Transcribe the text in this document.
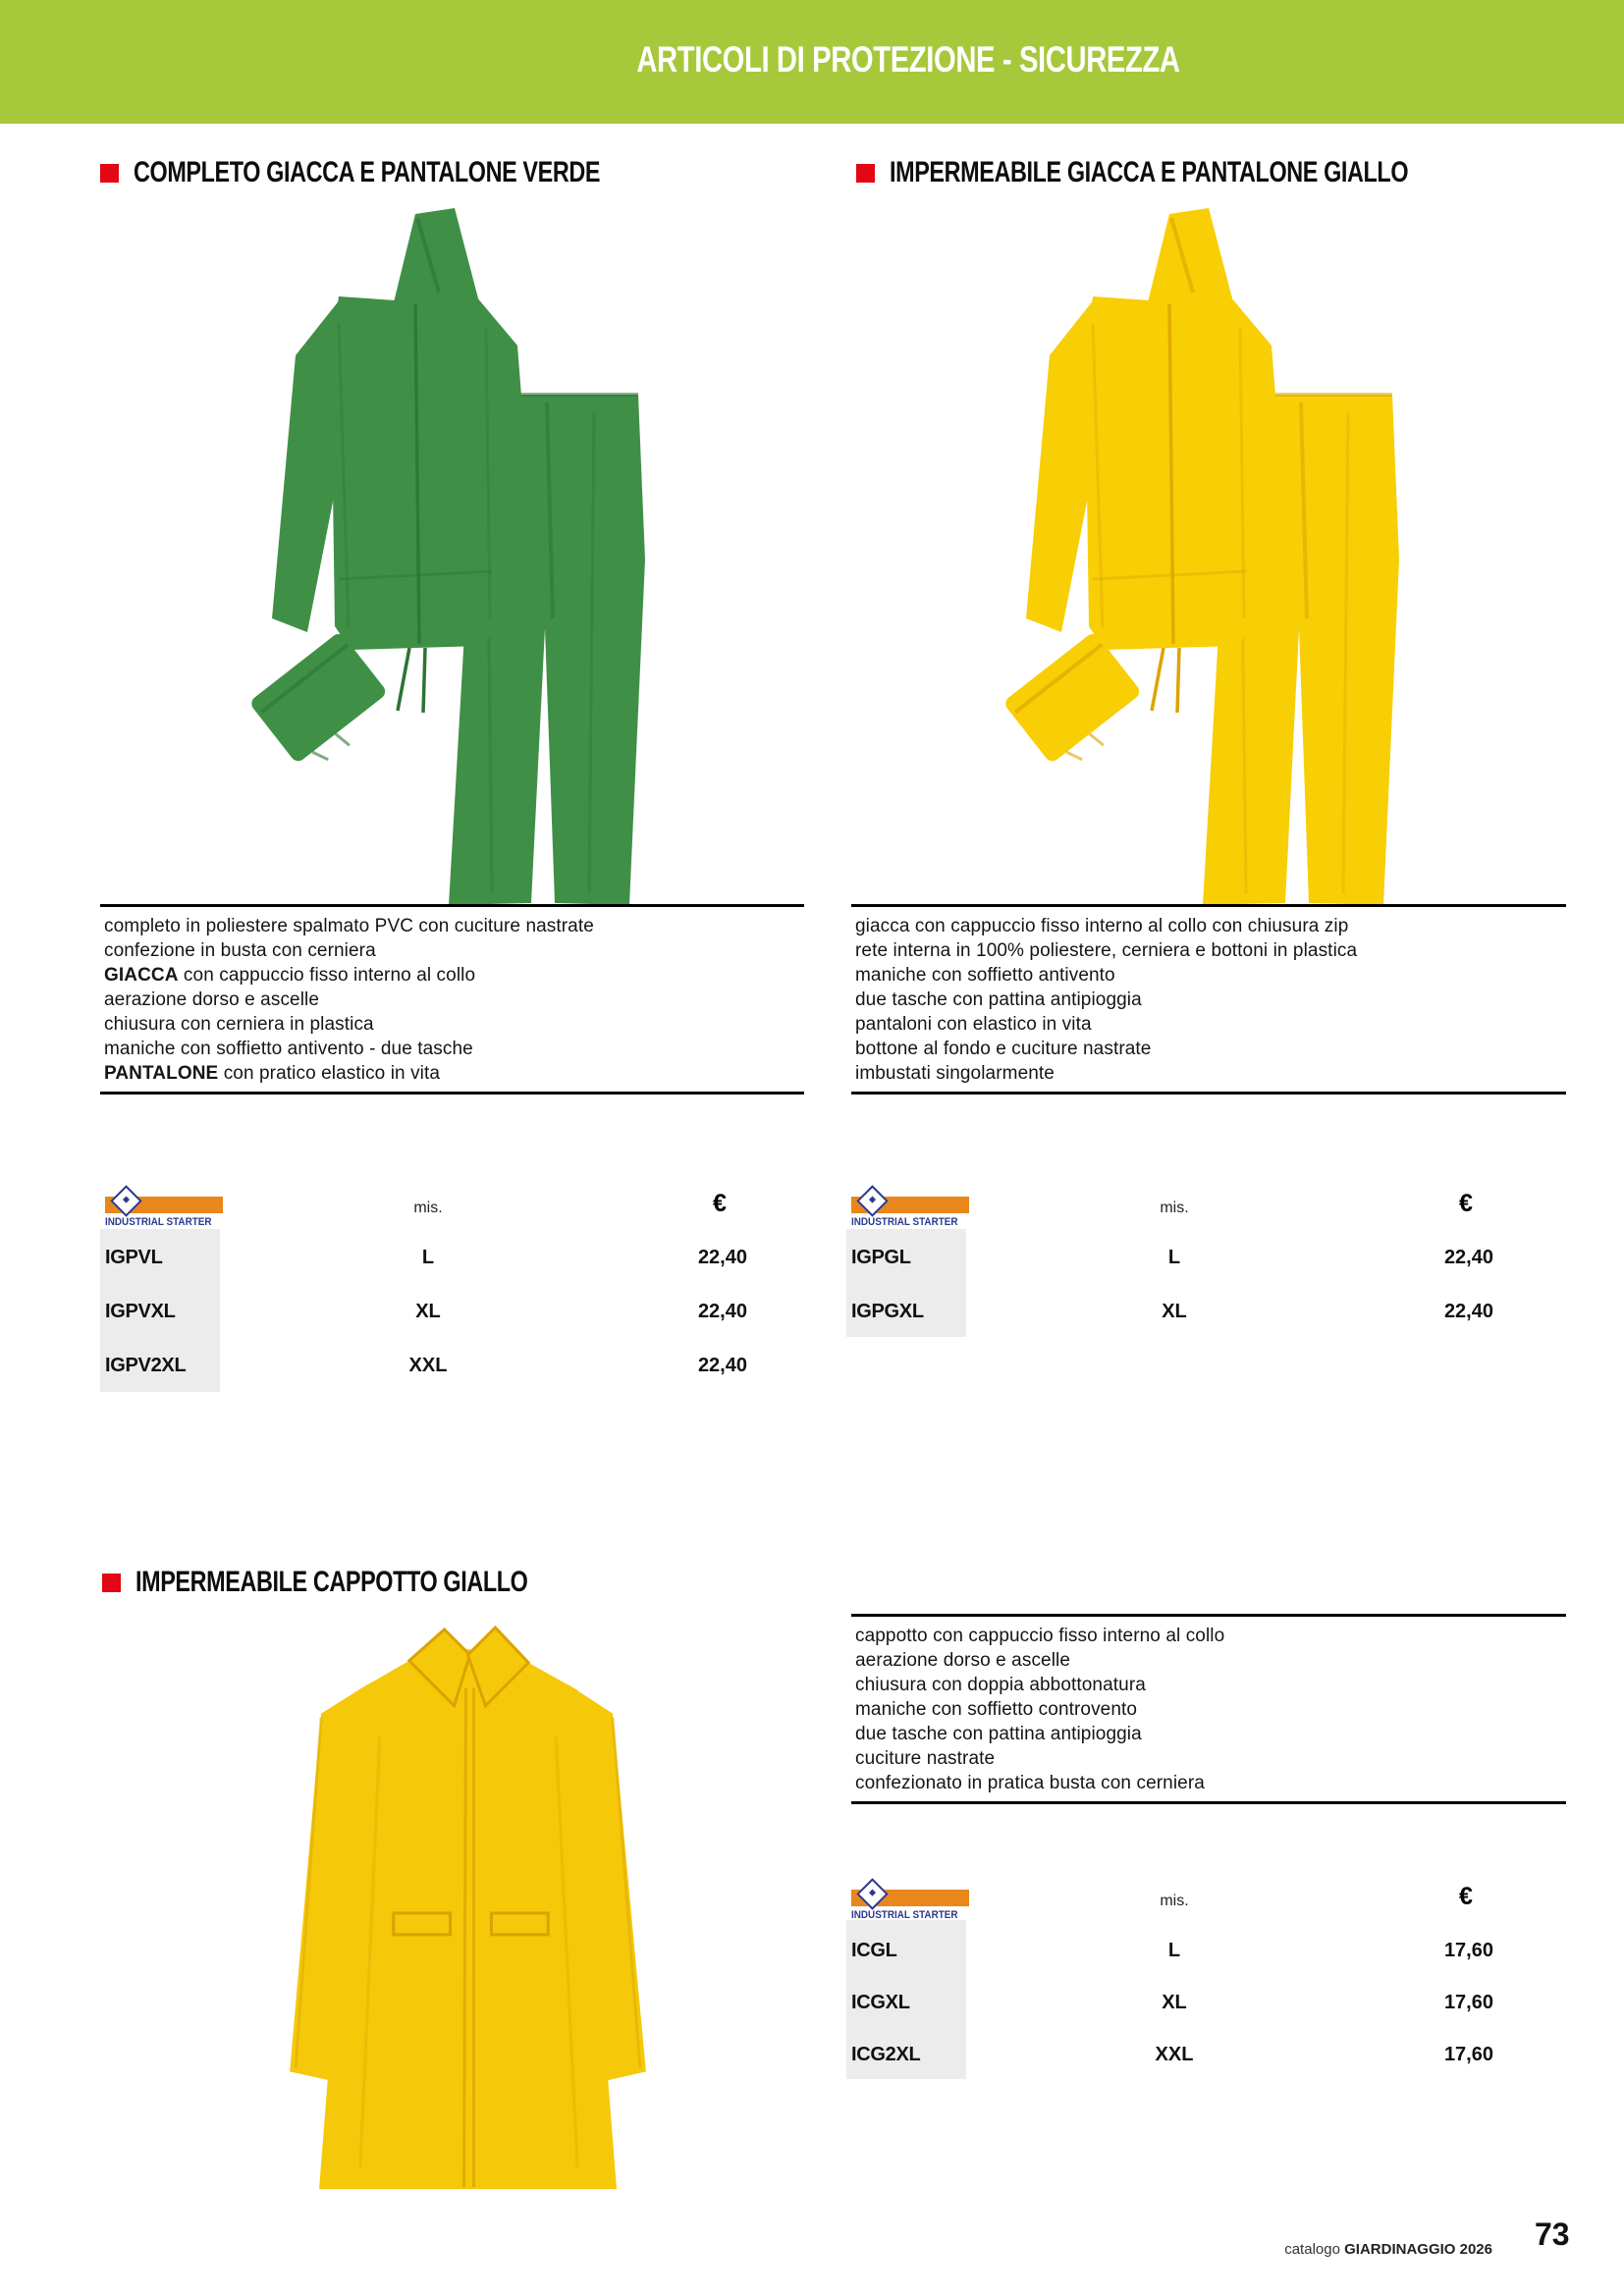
ARTICOLI DI PROTEZIONE - SICUREZZA
COMPLETO GIACCA E PANTALONE VERDE	IMPERMEABILE GIACCA E PANTALONE GIALLO
IMPERMEABILE CAPPOTTO GIALLO
completo in poliestere spalmato PVC con cuciture nastrate
confezione in busta con cerniera
GIACCA con cappuccio fisso interno al collo
aerazione dorso e ascelle
chiusura con cerniera in plastica
maniche con soffietto antivento - due tasche
PANTALONE con pratico elastico in vita
giacca con cappuccio fisso interno al collo con chiusura zip
rete interna in 100% poliestere, cerniera e bottoni in plastica
maniche con soffietto antivento
due tasche con pattina antipioggia
pantaloni con elastico in vita
bottone al fondo e cuciture nastrate
imbustati singolarmente
cappotto con cappuccio fisso interno al collo
aerazione dorso e ascelle
chiusura con doppia abbottonatura
maniche con soffietto controvento
due tasche con pattina antipioggia
cuciture nastrate
confezionato in pratica busta con cerniera
INDUSTRIAL STARTER
mis.	€
IGPVL	L	22,40
IGPVXL	XL	22,40
IGPV2XL	XXL	22,40
INDUSTRIAL STARTER
mis.	€
IGPGL	L	22,40
IGPGXL	XL	22,40
INDUSTRIAL STARTER
mis.	€
ICGL	L	17,60
ICGXL	XL	17,60
ICG2XL	XXL	17,60
catalogo GIARDINAGGIO 2026 73
